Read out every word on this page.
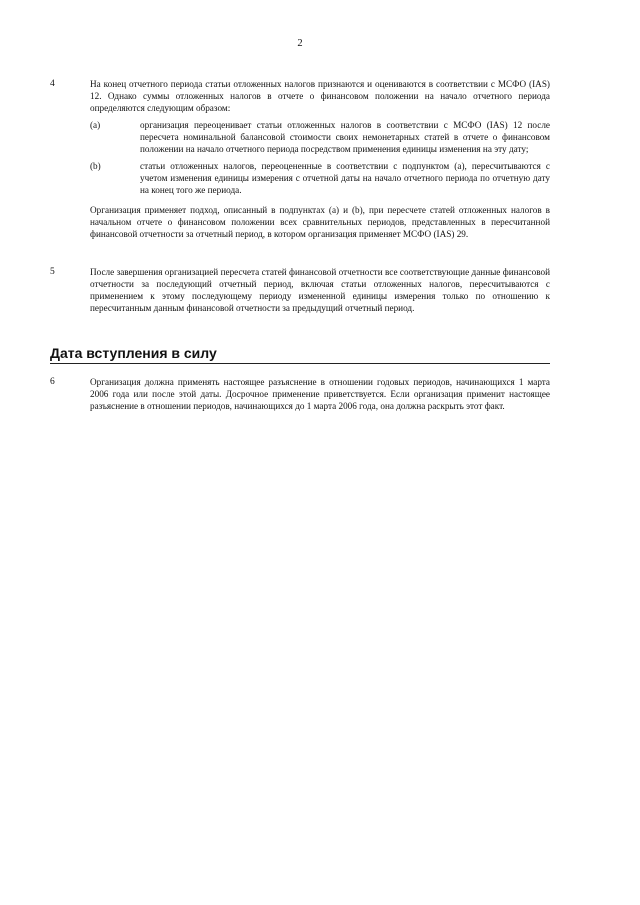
2
4	На конец отчетного периода статьи отложенных налогов признаются и оцениваются в соответствии с МСФО (IAS) 12. Однако суммы отложенных налогов в отчете о финансовом положении на начало отчетного периода определяются следующим образом:
(a)	организация переоценивает статьи отложенных налогов в соответствии с МСФО (IAS) 12 после пересчета номинальной балансовой стоимости своих немонетарных статей в отчете о финансовом положении на начало отчетного периода посредством применения единицы изменения на эту дату;
(b)	статьи отложенных налогов, переоцененные в соответствии с подпунктом (a), пересчитываются с учетом изменения единицы измерения с отчетной даты на начало отчетного периода по отчетную дату на конец того же периода.
Организация применяет подход, описанный в подпунктах (a) и (b), при пересчете статей отложенных налогов в начальном отчете о финансовом положении всех сравнительных периодов, представленных в пересчитанной финансовой отчетности за отчетный период, в котором организация применяет МСФО (IAS) 29.
5	После завершения организацией пересчета статей финансовой отчетности все соответствующие данные финансовой отчетности за последующий отчетный период, включая статьи отложенных налогов, пересчитываются с применением к этому последующему периоду измененной единицы измерения только по отношению к пересчитанным данным финансовой отчетности за предыдущий отчетный период.
Дата вступления в силу
6	Организация должна применять настоящее разъяснение в отношении годовых периодов, начинающихся 1 марта 2006 года или после этой даты. Досрочное применение приветствуется. Если организация применит настоящее разъяснение в отношении периодов, начинающихся до 1 марта 2006 года, она должна раскрыть этот факт.
